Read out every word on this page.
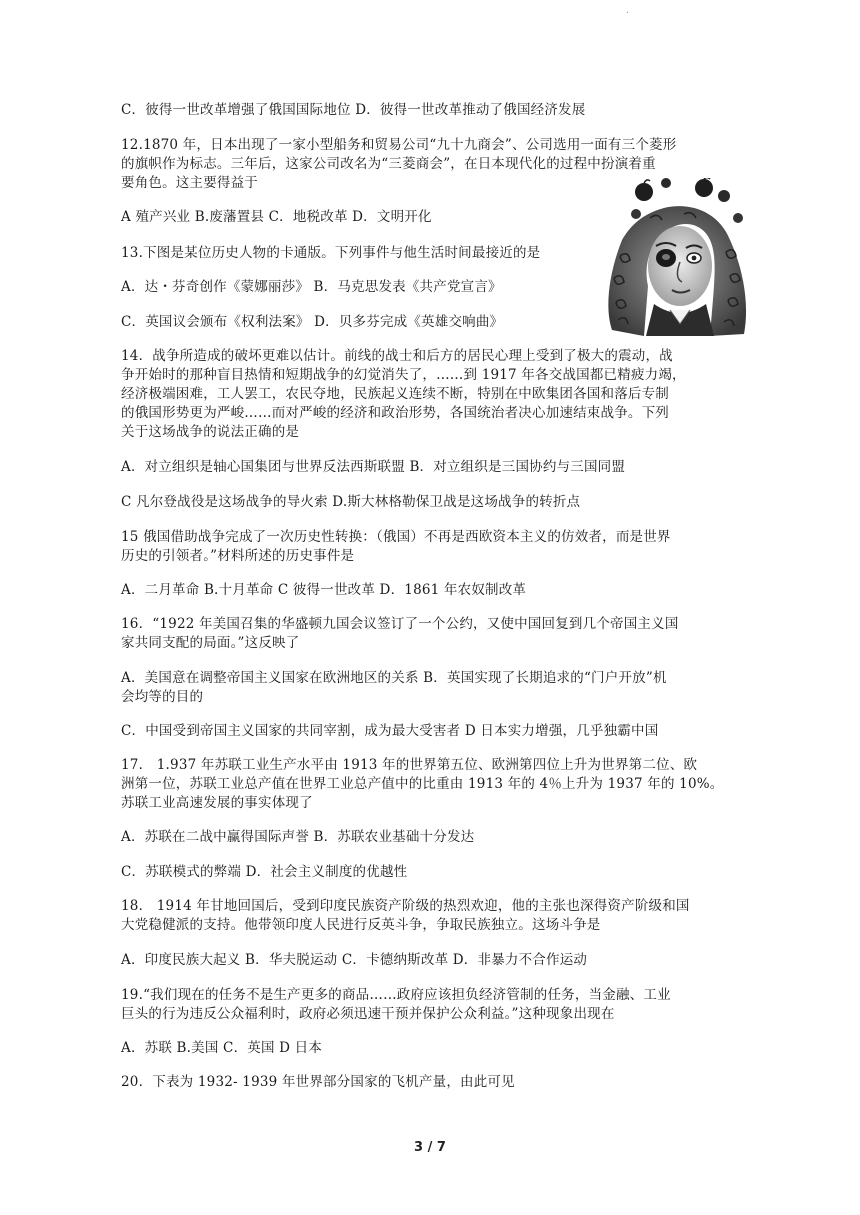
.
C．彼得一世改革增强了俄国国际地位 D．彼得一世改革推动了俄国经济发展
12.1870 年，日本出现了一家小型船务和贸易公司“九十九商会”、公司选用一面有三个菱形
的旗帜作为标志。三年后，这家公司改名为“三菱商会”，在日本现代化的过程中扮演着重
要角色。这主要得益于
A 殖产兴业 B.废藩置县 C．地税改革 D．文明开化
13.下图是某位历史人物的卡通版。下列事件与他生活时间最接近的是
A．达・芬奇创作《蒙娜丽莎》 B．马克思发表《共产党宣言》
C．英国议会颁布《权利法案》 D．贝多芬完成《英雄交响曲》
14．战争所造成的破坏更难以估计。前线的战士和后方的居民心理上受到了极大的震动，战
争开始时的那种盲目热情和短期战争的幻觉消失了，……到 1917 年各交战国都已精疲力竭，
经济极端困难，工人罢工，农民夺地，民族起义连续不断，特别在中欧集团各国和落后专制
的俄国形势更为严峻……而对严峻的经济和政治形势，各国统治者决心加速结束战争。下列
关于这场战争的说法正确的是
A．对立组织是轴心国集团与世界反法西斯联盟 B．对立组织是三国协约与三国同盟
C 凡尔登战役是这场战争的导火索 D.斯大林格勒保卫战是这场战争的转折点
15 俄国借助战争完成了一次历史性转换：（俄国）不再是西欧资本主义的仿效者，而是世界
历史的引领者。”材料所述的历史事件是
A．二月革命 B.十月革命 C 彼得一世改革 D．1861 年农奴制改革
16．“1922 年美国召集的华盛顿九国会议签订了一个公约，又使中国回复到几个帝国主义国
家共同支配的局面。”这反映了
A．美国意在调整帝国主义国家在欧洲地区的关系 B．英国实现了长期追求的“门户开放”机
会均等的目的
C．中国受到帝国主义国家的共同宰割，成为最大受害者 D 日本实力增强，几乎独霸中国
17． 1.937 年苏联工业生产水平由 1913 年的世界第五位、欧洲第四位上升为世界第二位、欧
洲第一位，苏联工业总产值在世界工业总产值中的比重由 1913 年的 4％上升为 1937 年的 10%。
苏联工业高速发展的事实体现了
A．苏联在二战中赢得国际声誉 B．苏联农业基础十分发达
C．苏联模式的弊端 D．社会主义制度的优越性
18． 1914 年甘地回国后，受到印度民族资产阶级的热烈欢迎，他的主张也深得资产阶级和国
大党稳健派的支持。他带领印度人民进行反英斗争，争取民族独立。这场斗争是
A．印度民族大起义 B．华夫脱运动 C．卡德纳斯改革 D．非暴力不合作运动
19.“我们现在的任务不是生产更多的商品……政府应该担负经济管制的任务，当金融、工业
巨头的行为违反公众福利时，政府必须迅速干预并保护公众利益。”这种现象出现在
A．苏联 B.美国 C．英国 D 日本
20．下表为 1932- 1939 年世界部分国家的飞机产量，由此可见
3 / 7
